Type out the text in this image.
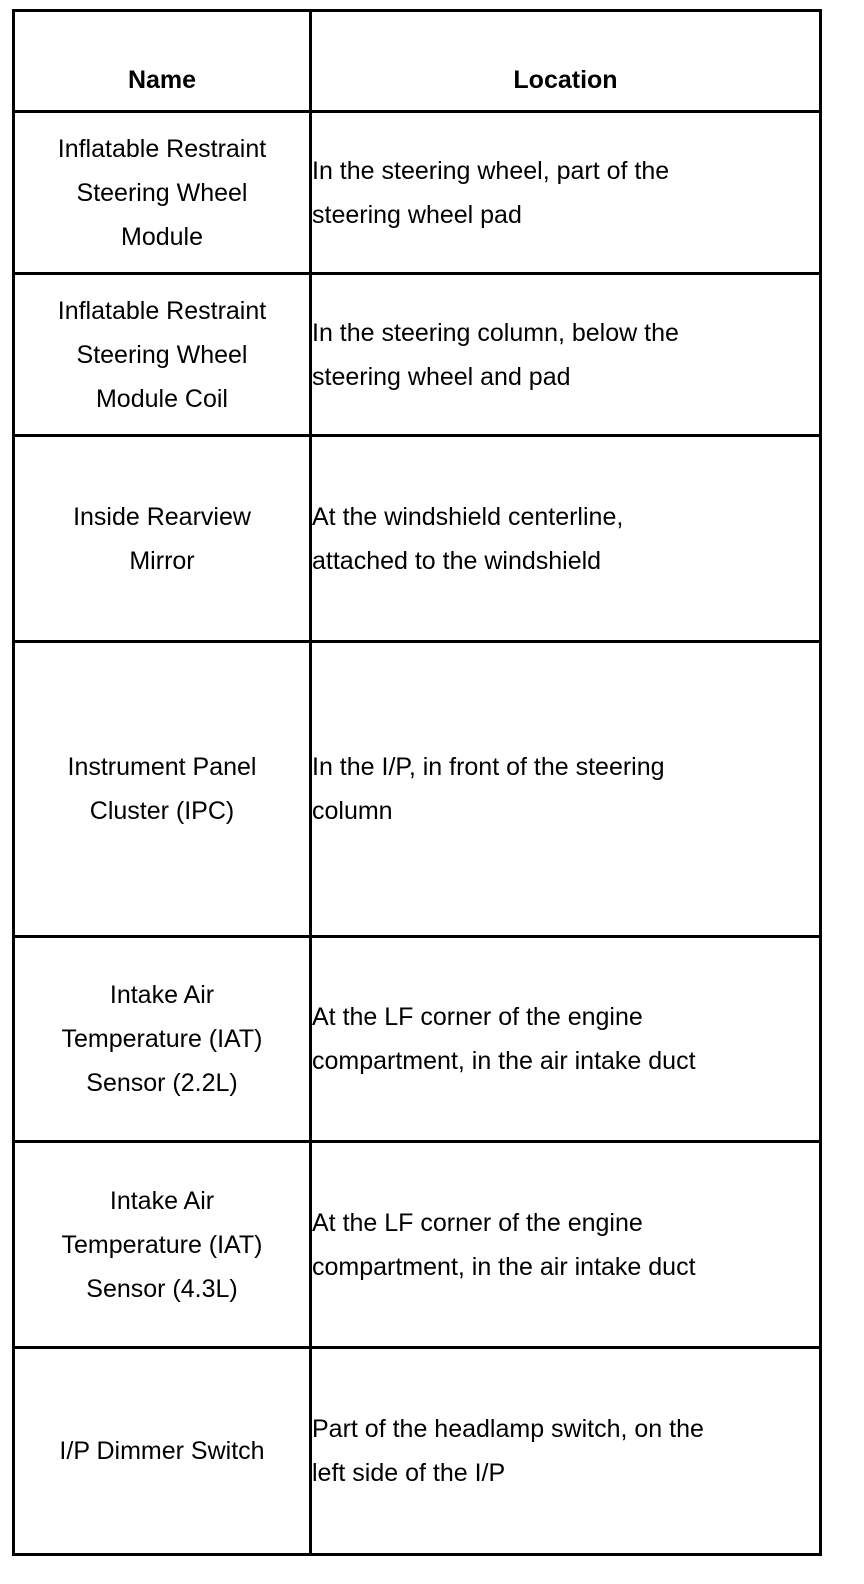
Name	Location
Inflatable Restraint
Steering Wheel
Module	In the steering wheel, part of the
steering wheel pad
Inflatable Restraint
Steering Wheel
Module Coil	In the steering column, below the
steering wheel and pad
Inside Rearview
Mirror	At the windshield centerline,
attached to the windshield
Instrument Panel
Cluster (IPC)	In the I/P, in front of the steering
column
Intake Air
Temperature (IAT)
Sensor (2.2L)	At the LF corner of the engine
compartment, in the air intake duct
Intake Air
Temperature (IAT)
Sensor (4.3L)	At the LF corner of the engine
compartment, in the air intake duct
I/P Dimmer Switch	Part of the headlamp switch, on the
left side of the I/P
